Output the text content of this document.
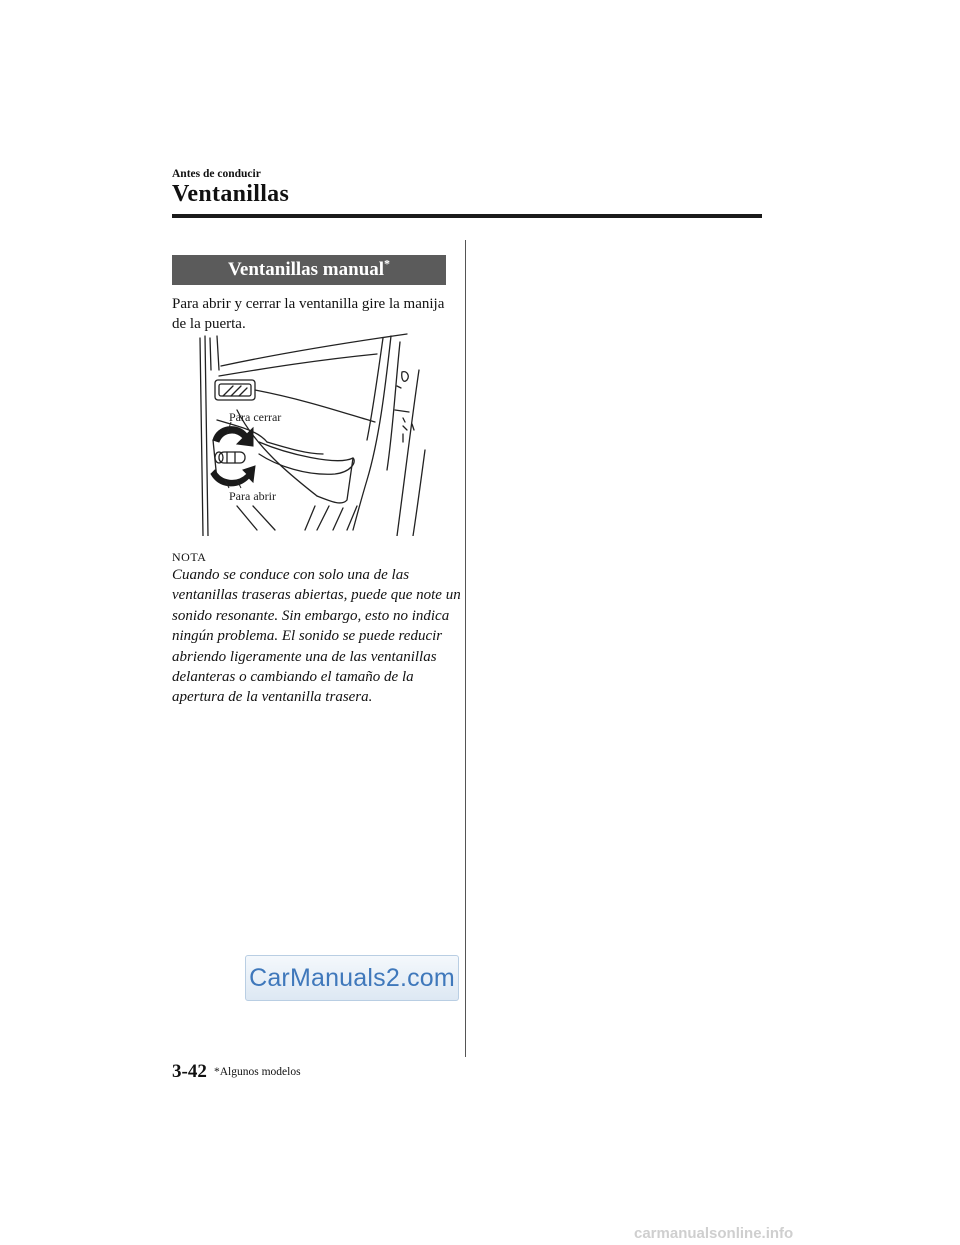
Antes de conducir
Ventanillas
Ventanillas manual*
Para abrir y cerrar la ventanilla gire la manija de la puerta.
Para cerrar
Para abrir
NOTA
Cuando se conduce con solo una de las ventanillas traseras abiertas, puede que note un sonido resonante. Sin embargo, esto no indica ningún problema. El sonido se puede reducir abriendo ligeramente una de las ventanillas delanteras o cambiando el tamaño de la apertura de la ventanilla trasera.
CarManuals2.com
3-42 *Algunos modelos
carmanualsonline.info
